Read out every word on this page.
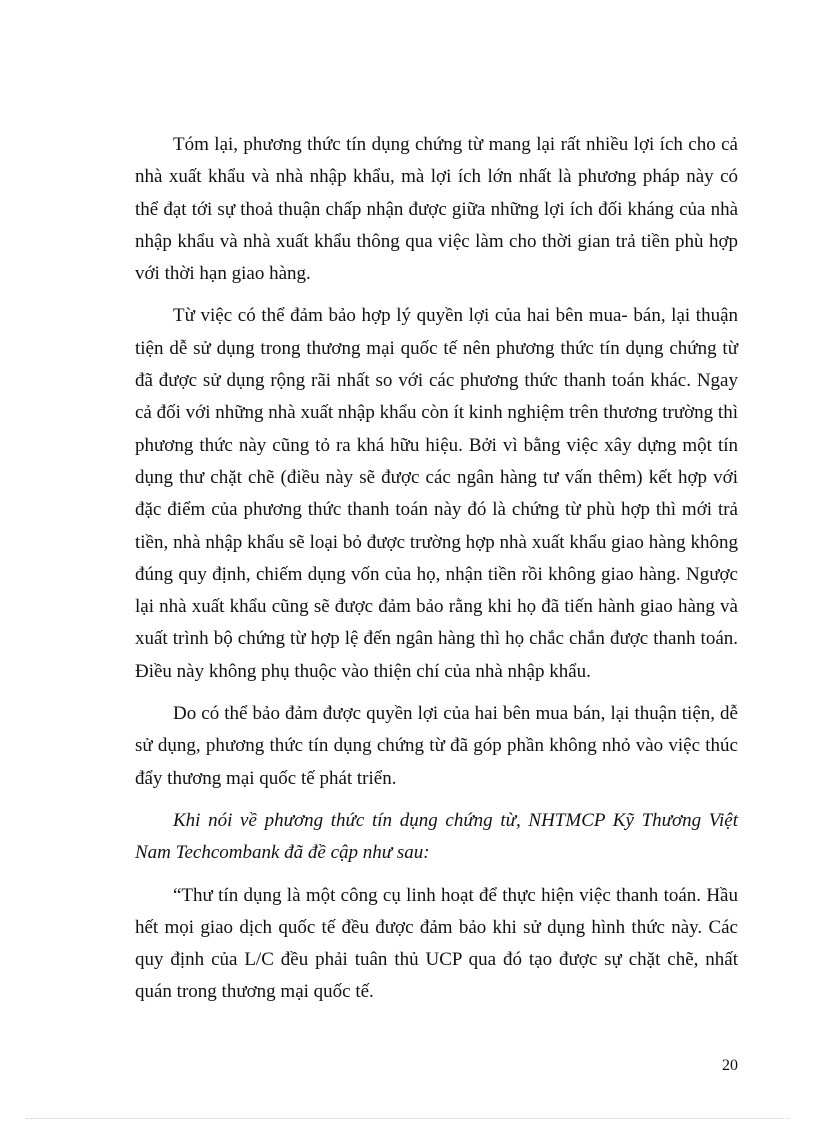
Tóm lại, phương thức tín dụng chứng từ mang lại rất nhiều lợi ích cho cả nhà xuất khẩu và nhà nhập khẩu, mà lợi ích lớn nhất là phương pháp này có thể đạt tới sự thoả thuận chấp nhận được giữa những lợi ích đối kháng của nhà nhập khẩu và nhà xuất khẩu thông qua việc làm cho thời gian trả tiền phù hợp với thời hạn giao hàng.

Từ việc có thể đảm bảo hợp lý quyền lợi của hai bên mua- bán, lại thuận tiện dễ sử dụng trong thương mại quốc tế nên phương thức tín dụng chứng từ đã được sử dụng rộng rãi nhất so với các phương thức thanh toán khác. Ngay cả đối với những nhà xuất nhập khẩu còn ít kinh nghiệm trên thương trường thì phương thức này cũng tỏ ra khá hữu hiệu. Bởi vì bằng việc xây dựng một tín dụng thư chặt chẽ (điều này sẽ được các ngân hàng tư vấn thêm) kết hợp với đặc điểm của phương thức thanh toán này đó là chứng từ phù hợp thì mới trả tiền, nhà nhập khẩu sẽ loại bỏ được trường hợp nhà xuất khẩu giao hàng không đúng quy định, chiếm dụng vốn của họ, nhận tiền rồi không giao hàng. Ngược lại nhà xuất khẩu cũng sẽ được đảm bảo rằng khi họ đã tiến hành giao hàng và xuất trình bộ chứng từ hợp lệ đến ngân hàng thì họ chắc chắn được thanh toán. Điều này không phụ thuộc vào thiện chí của nhà nhập khẩu.

Do có thể bảo đảm được quyền lợi của hai bên mua bán, lại thuận tiện, dễ sử dụng, phương thức tín dụng chứng từ đã góp phần không nhỏ vào việc thúc đẩy thương mại quốc tế phát triển.

Khi nói về phương thức tín dụng chứng từ, NHTMCP Kỹ Thương Việt Nam Techcombank đã đề cập như sau:

“Thư tín dụng là một công cụ linh hoạt để thực hiện việc thanh toán. Hầu hết mọi giao dịch quốc tế đều được đảm bảo khi sử dụng hình thức này. Các quy định của L/C đều phải tuân thủ UCP qua đó tạo được sự chặt chẽ, nhất quán trong thương mại quốc tế.

20
